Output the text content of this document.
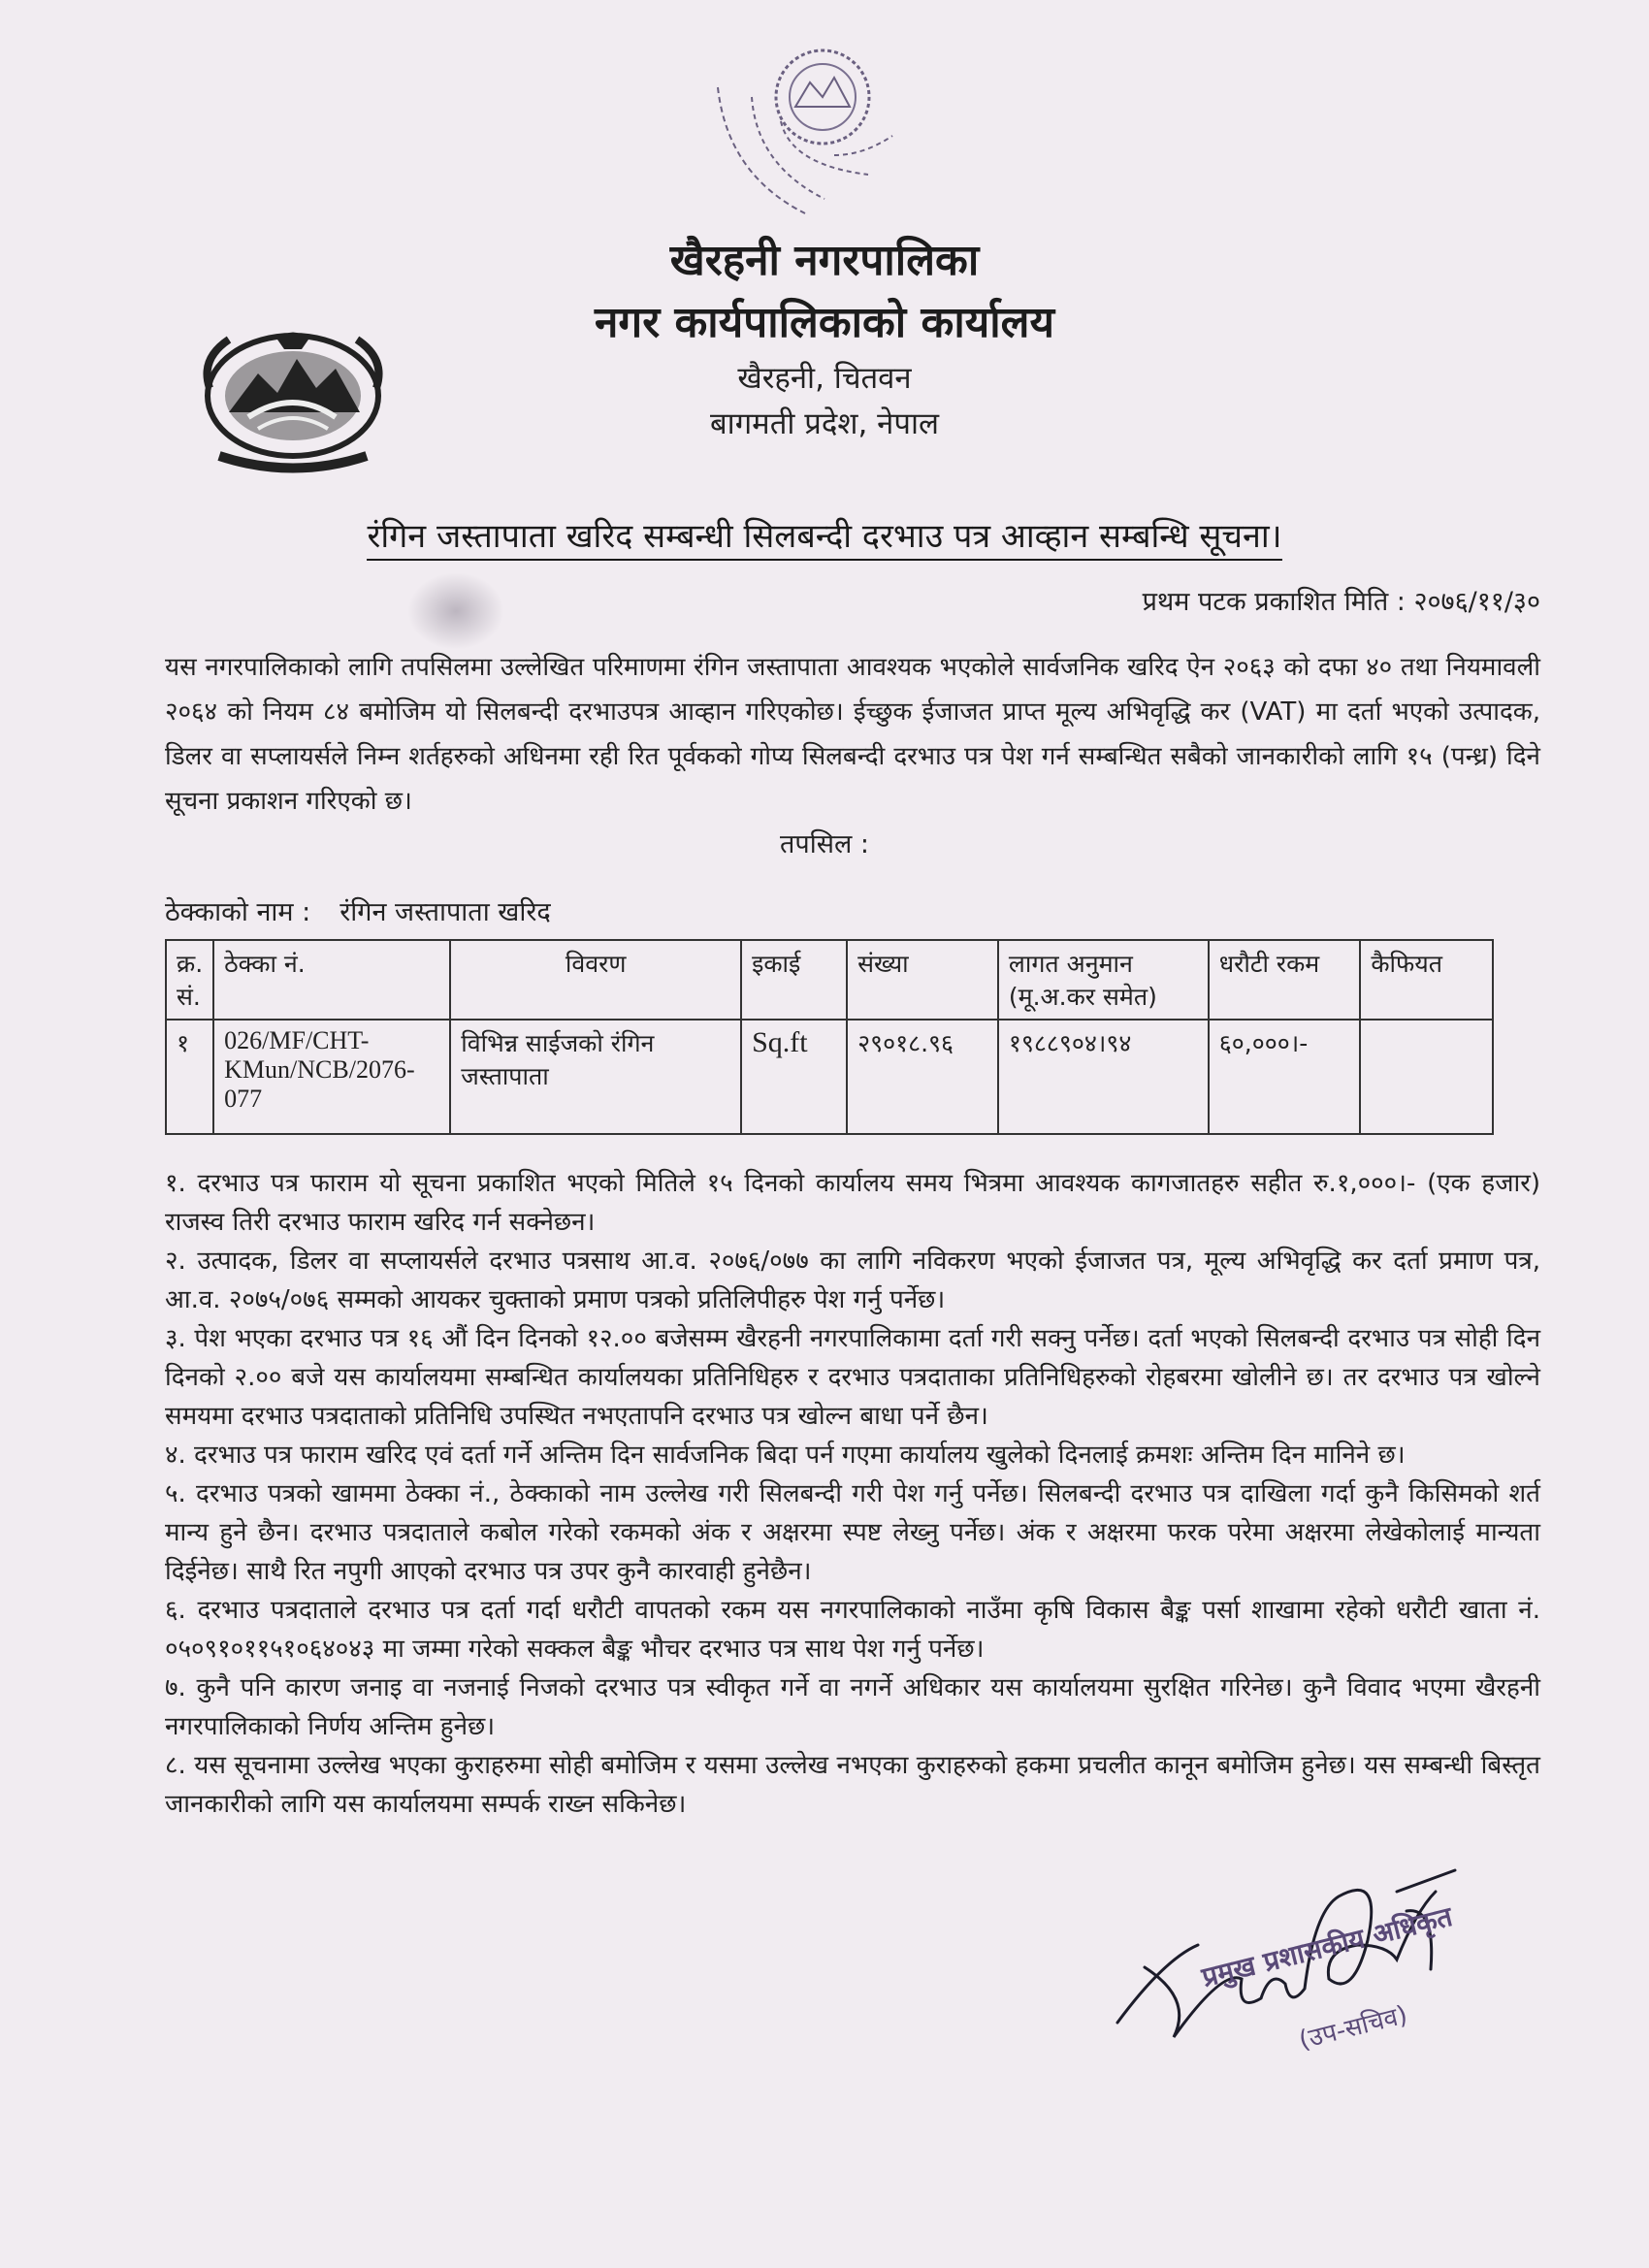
खैरहनी नगरपालिका
नगर कार्यपालिकाको कार्यालय
खैरहनी, चितवन
बागमती प्रदेश, नेपाल
रंगिन जस्तापाता खरिद सम्बन्धी सिलबन्दी दरभाउ पत्र आव्हान सम्बन्धि सूचना।
प्रथम पटक प्रकाशित मिति : २०७६/११/३०
यस नगरपालिकाको लागि तपसिलमा उल्लेखित परिमाणमा रंगिन जस्तापाता आवश्यक भएकोले सार्वजनिक खरिद ऐन २०६३ को दफा ४० तथा नियमावली २०६४ को नियम ८४ बमोजिम यो सिलबन्दी दरभाउपत्र आव्हान गरिएकोछ। ईच्छुक ईजाजत प्राप्त मूल्य अभिवृद्धि कर (VAT) मा दर्ता भएको उत्पादक, डिलर वा सप्लायर्सले निम्न शर्तहरुको अधिनमा रही रित पूर्वकको गोप्य सिलबन्दी दरभाउ पत्र पेश गर्न सम्बन्धित सबैको जानकारीको लागि १५ (पन्ध्र) दिने सूचना प्रकाशन गरिएको छ।
तपसिल :
ठेक्काको नाम : रंगिन जस्तापाता खरिद
क्र. सं.	ठेक्का नं.	विवरण	इकाई	संख्या	लागत अनुमान (मू.अ.कर समेत)	धरौटी रकम	कैफियत
१	026/MF/CHT-KMun/NCB/2076-077	विभिन्न साईजको रंगिन जस्तापाता	Sq.ft	२९०१८.९६	१९८८९०४।९४	६०,०००।-	

१. दरभाउ पत्र फाराम यो सूचना प्रकाशित भएको मितिले १५ दिनको कार्यालय समय भित्रमा आवश्यक कागजातहरु सहीत रु.१,०००।- (एक हजार) राजस्व तिरी दरभाउ फाराम खरिद गर्न सक्नेछन।

२. उत्पादक, डिलर वा सप्लायर्सले दरभाउ पत्रसाथ आ.व. २०७६/०७७ का लागि नविकरण भएको ईजाजत पत्र, मूल्य अभिवृद्धि कर दर्ता प्रमाण पत्र, आ.व. २०७५/०७६ सम्मको आयकर चुक्ताको प्रमाण पत्रको प्रतिलिपीहरु पेश गर्नु पर्नेछ।

३. पेश भएका दरभाउ पत्र १६ औं दिन दिनको १२.०० बजेसम्म खैरहनी नगरपालिकामा दर्ता गरी सक्नु पर्नेछ। दर्ता भएको सिलबन्दी दरभाउ पत्र सोही दिन दिनको २.०० बजे यस कार्यालयमा सम्बन्धित कार्यालयका प्रतिनिधिहरु र दरभाउ पत्रदाताका प्रतिनिधिहरुको रोहबरमा खोलीने छ। तर दरभाउ पत्र खोल्ने समयमा दरभाउ पत्रदाताको प्रतिनिधि उपस्थित नभएतापनि दरभाउ पत्र खोल्न बाधा पर्ने छैन।

४. दरभाउ पत्र फाराम खरिद एवं दर्ता गर्ने अन्तिम दिन सार्वजनिक बिदा पर्न गएमा कार्यालय खुलेको दिनलाई क्रमशः अन्तिम दिन मानिने छ।

५. दरभाउ पत्रको खाममा ठेक्का नं., ठेक्काको नाम उल्लेख गरी सिलबन्दी गरी पेश गर्नु पर्नेछ। सिलबन्दी दरभाउ पत्र दाखिला गर्दा कुनै किसिमको शर्त मान्य हुने छैन। दरभाउ पत्रदाताले कबोल गरेको रकमको अंक र अक्षरमा स्पष्ट लेख्नु पर्नेछ। अंक र अक्षरमा फरक परेमा अक्षरमा लेखेकोलाई मान्यता दिईनेछ। साथै रित नपुगी आएको दरभाउ पत्र उपर कुनै कारवाही हुनेछैन।

६. दरभाउ पत्रदाताले दरभाउ पत्र दर्ता गर्दा धरौटी वापतको रकम यस नगरपालिकाको नाउँमा कृषि विकास बैङ्क पर्सा शाखामा रहेको धरौटी खाता नं. ०५०९१०११५१०६४०४३ मा जम्मा गरेको सक्कल बैङ्क भौचर दरभाउ पत्र साथ पेश गर्नु पर्नेछ।

७. कुनै पनि कारण जनाइ वा नजनाई निजको दरभाउ पत्र स्वीकृत गर्ने वा नगर्ने अधिकार यस कार्यालयमा सुरक्षित गरिनेछ। कुनै विवाद भएमा खैरहनी नगरपालिकाको निर्णय अन्तिम हुनेछ।

८. यस सूचनामा उल्लेख भएका कुराहरुमा सोही बमोजिम र यसमा उल्लेख नभएका कुराहरुको हकमा प्रचलीत कानून बमोजिम हुनेछ। यस सम्बन्धी बिस्तृत जानकारीको लागि यस कार्यालयमा सम्पर्क राख्न सकिनेछ।

प्रमुख प्रशासकीय अधिकृत
(उप-सचिव)
